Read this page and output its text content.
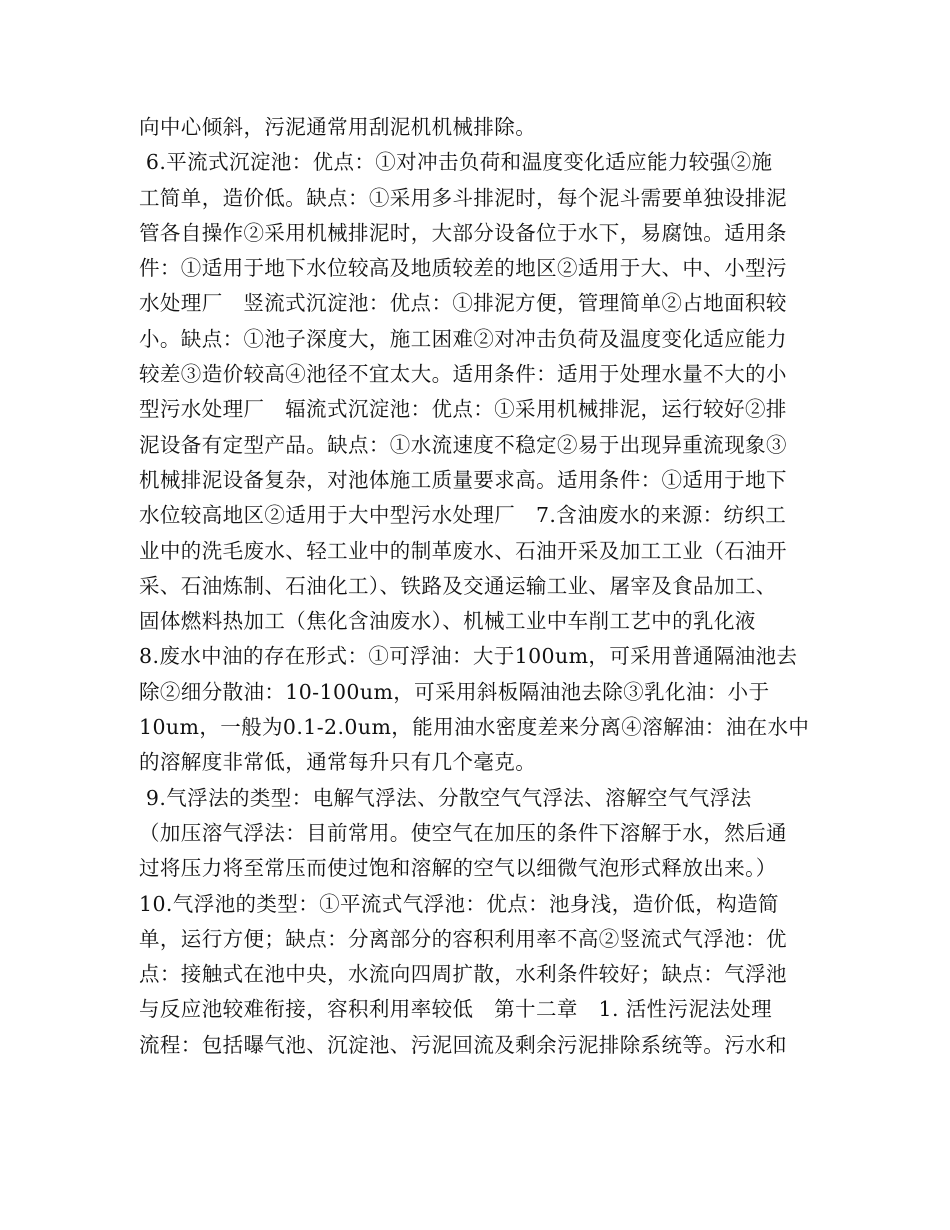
向中心倾斜，污泥通常用刮泥机机械排除。
6.平流式沉淀池：优点：①对冲击负荷和温度变化适应能力较强②施
工简单，造价低。缺点：①采用多斗排泥时，每个泥斗需要单独设排泥
管各自操作②采用机械排泥时，大部分设备位于水下，易腐蚀。适用条
件：①适用于地下水位较高及地质较差的地区②适用于大、中、小型污
水处理厂   竖流式沉淀池：优点：①排泥方便，管理简单②占地面积较
小。缺点：①池子深度大，施工困难②对冲击负荷及温度变化适应能力
较差③造价较高④池径不宜太大。适用条件：适用于处理水量不大的小
型污水处理厂   辐流式沉淀池：优点：①采用机械排泥，运行较好②排
泥设备有定型产品。缺点：①水流速度不稳定②易于出现异重流现象③
机械排泥设备复杂，对池体施工质量要求高。适用条件：①适用于地下
水位较高地区②适用于大中型污水处理厂   7.含油废水的来源：纺织工
业中的洗毛废水、轻工业中的制革废水、石油开采及加工工业（石油开
采、石油炼制、石油化工）、铁路及交通运输工业、屠宰及食品加工、
固体燃料热加工（焦化含油废水）、机械工业中车削工艺中的乳化液
8.废水中油的存在形式：①可浮油：大于100um，可采用普通隔油池去
除②细分散油：10-100um，可采用斜板隔油池去除③乳化油：小于
10um，一般为0.1-2.0um，能用油水密度差来分离④溶解油：油在水中
的溶解度非常低，通常每升只有几个毫克。
9.气浮法的类型：电解气浮法、分散空气气浮法、溶解空气气浮法
（加压溶气浮法：目前常用。使空气在加压的条件下溶解于水，然后通
过将压力将至常压而使过饱和溶解的空气以细微气泡形式释放出来。）
10.气浮池的类型：①平流式气浮池：优点：池身浅，造价低，构造简
单，运行方便；缺点：分离部分的容积利用率不高②竖流式气浮池：优
点：接触式在池中央，水流向四周扩散，水利条件较好；缺点：气浮池
与反应池较难衔接，容积利用率较低   第十二章   1. 活性污泥法处理
流程：包括曝气池、沉淀池、污泥回流及剩余污泥排除系统等。污水和
